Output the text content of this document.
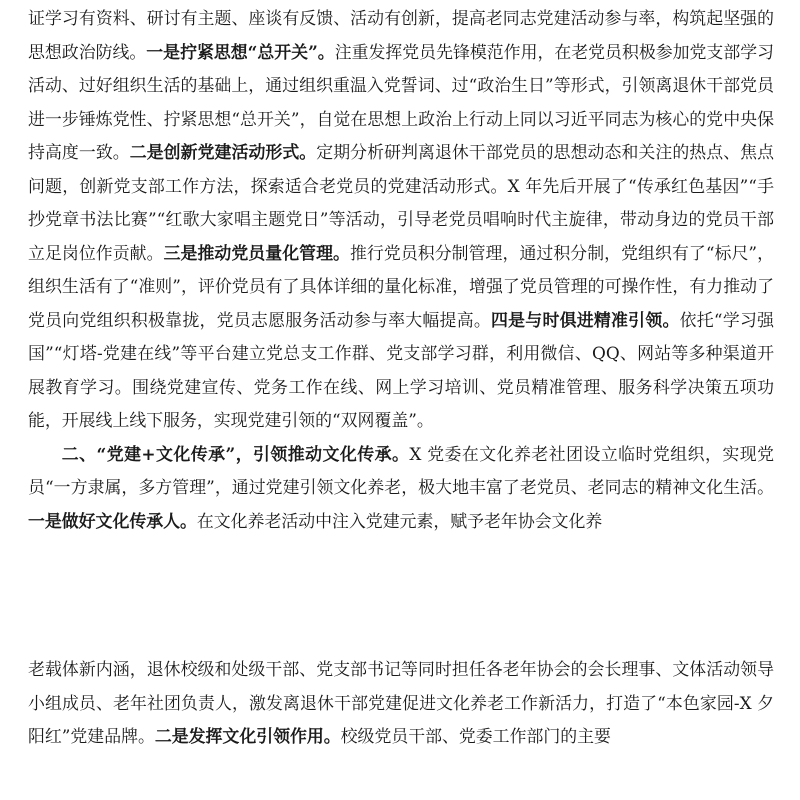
证学习有资料、研讨有主题、座谈有反馈、活动有创新，提高老同志党建活动参与率，构筑起坚强的思想政治防线。一是拧紧思想“总开关”。注重发挥党员先锋模范作用，在老党员积极参加党支部学习活动、过好组织生活的基础上，通过组织重温入党誓词、过“政治生日”等形式，引领离退休干部党员进一步锤炼党性、拧紧思想“总开关”，自觉在思想上政治上行动上同以习近平同志为核心的党中央保持高度一致。二是创新党建活动形式。定期分析研判离退休干部党员的思想动态和关注的热点、焦点问题，创新党支部工作方法，探索适合老党员的党建活动形式。X 年先后开展了“传承红色基因”“手抄党章书法比赛”“红歌大家唱主题党日”等活动，引导老党员唱响时代主旋律，带动身边的党员干部立足岗位作贡献。三是推动党员量化管理。推行党员积分制管理，通过积分制，党组织有了“标尺”，组织生活有了“准则”，评价党员有了具体详细的量化标准，增强了党员管理的可操作性，有力推动了党员向党组织积极靠拢，党员志愿服务活动参与率大幅提高。四是与时俱进精准引领。依托“学习强国”“灯塔-党建在线”等平台建立党总支工作群、党支部学习群，利用微信、QQ、网站等多种渠道开展教育学习。围绕党建宣传、党务工作在线、网上学习培训、党员精准管理、服务科学决策五项功能，开展线上线下服务，实现党建引领的“双网覆盖”。

二、“党建+文化传承”，引领推动文化传承。X 党委在文化养老社团设立临时党组织，实现党员“一方隶属，多方管理”，通过党建引领文化养老，极大地丰富了老党员、老同志的精神文化生活。一是做好文化传承人。在文化养老活动中注入党建元素，赋予老年协会文化养

老载体新内涵，退休校级和处级干部、党支部书记等同时担任各老年协会的会长理事、文体活动领导小组成员、老年社团负责人，激发离退休干部党建促进文化养老工作新活力，打造了“本色家园-X 夕阳红”党建品牌。二是发挥文化引领作用。校级党员干部、党委工作部门的主要
